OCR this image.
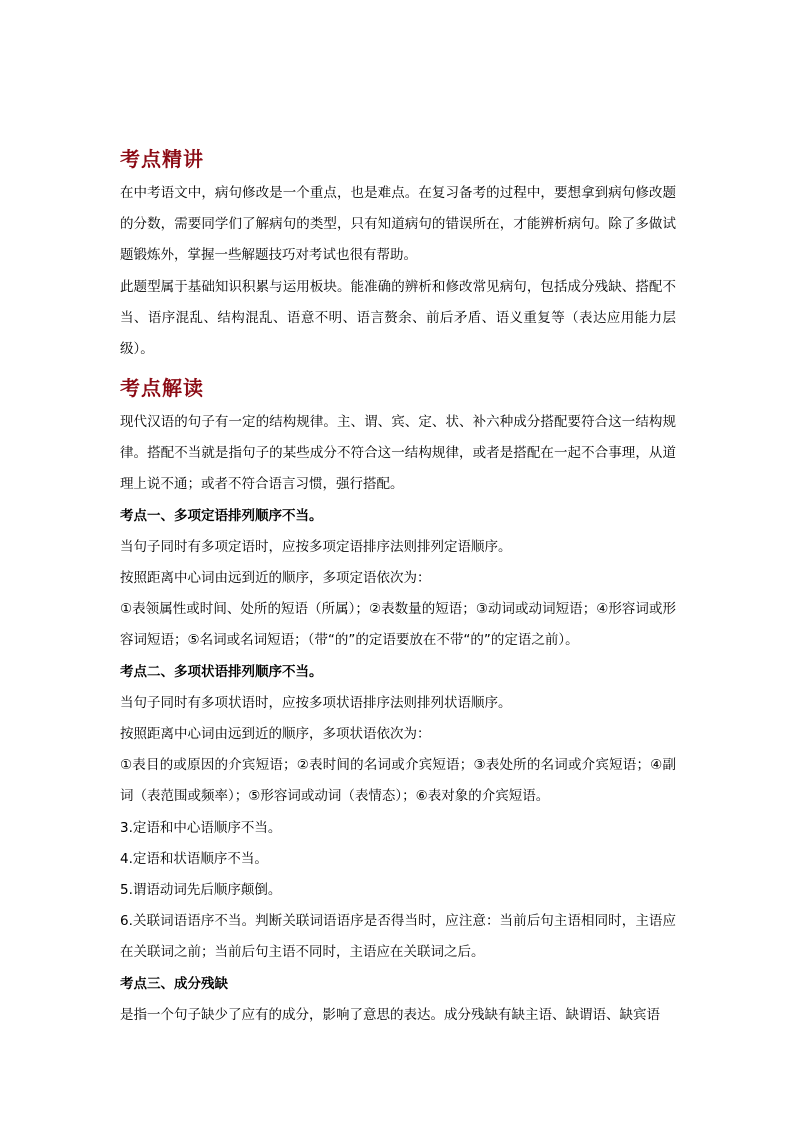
考点精讲

在中考语文中，病句修改是一个重点，也是难点。在复习备考的过程中，要想拿到病句修改题的分数，需要同学们了解病句的类型，只有知道病句的错误所在，才能辨析病句。除了多做试题锻炼外，掌握一些解题技巧对考试也很有帮助。

此题型属于基础知识积累与运用板块。能准确的辨析和修改常见病句，包括成分残缺、搭配不当、语序混乱、结构混乱、语意不明、语言赘余、前后矛盾、语义重复等（表达应用能力层级）。

考点解读

现代汉语的句子有一定的结构规律。主、谓、宾、定、状、补六种成分搭配要符合这一结构规律。搭配不当就是指句子的某些成分不符合这一结构规律，或者是搭配在一起不合事理，从道理上说不通；或者不符合语言习惯，强行搭配。

考点一、多项定语排列顺序不当。

当句子同时有多项定语时，应按多项定语排序法则排列定语顺序。

按照距离中心词由远到近的顺序，多项定语依次为：

①表领属性或时间、处所的短语（所属）；②表数量的短语；③动词或动词短语；④形容词或形容词短语；⑤名词或名词短语；（带“的”的定语要放在不带“的”的定语之前）。

考点二、多项状语排列顺序不当。

当句子同时有多项状语时，应按多项状语排序法则排列状语顺序。

按照距离中心词由远到近的顺序，多项状语依次为：

①表目的或原因的介宾短语；②表时间的名词或介宾短语；③表处所的名词或介宾短语；④副词（表范围或频率）；⑤形容词或动词（表情态）；⑥表对象的介宾短语。

3.定语和中心语顺序不当。

4.定语和状语顺序不当。

5.谓语动词先后顺序颠倒。

6.关联词语语序不当。判断关联词语语序是否得当时，应注意：当前后句主语相同时，主语应在关联词之前；当前后句主语不同时，主语应在关联词之后。

考点三、成分残缺

是指一个句子缺少了应有的成分，影响了意思的表达。成分残缺有缺主语、缺谓语、缺宾语
